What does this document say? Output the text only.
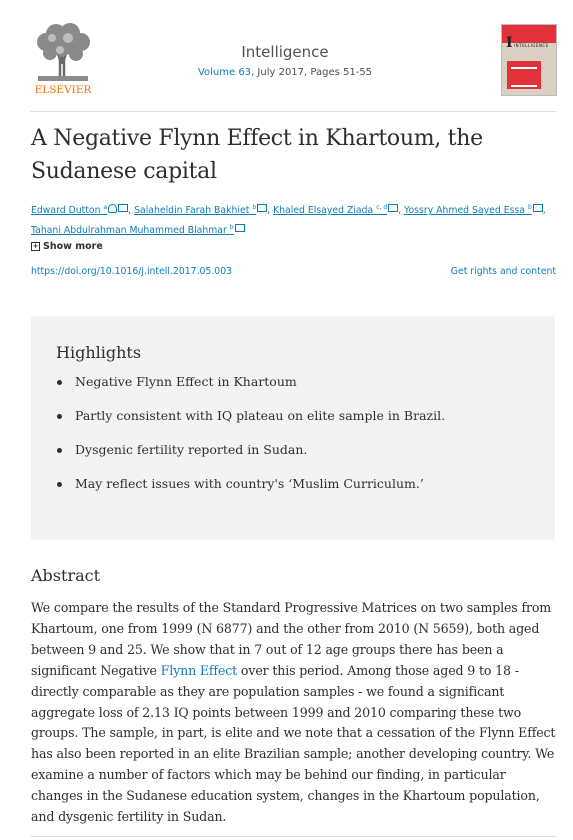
ELSEVIER
Intelligence
Volume 63, July 2017, Pages 51-55
I INTELLIGENCE
A Negative Flynn Effect in Khartoum, the Sudanese capital
Edward Dutton $^a$ , Salaheldin Farah Bakhiet $^b$ , Khaled Elsayed Ziada $^{c, d}$ , Yossry Ahmed Sayed Essa $^b$ ,
Tahani Abdulrahman Muhammed Blahmar $^b$
+ Show more
https://doi.org/10.1016/j.intell.2017.05.003	Get rights and content
Highlights
Negative Flynn Effect in Khartoum
Partly consistent with IQ plateau on elite sample in Brazil.
Dysgenic fertility reported in Sudan.
May reflect issues with country's ‘Muslim Curriculum.’
Abstract

We compare the results of the Standard Progressive Matrices on two samples from Khartoum, one from 1999 (N 6877) and the other from 2010 (N 5659), both aged between 9 and 25. We show that in 7 out of 12 age groups there has been a significant Negative Flynn Effect over this period. Among those aged 9 to 18 - directly comparable as they are population samples - we found a significant aggregate loss of 2.13 IQ points between 1999 and 2010 comparing these two groups. The sample, in part, is elite and we note that a cessation of the Flynn Effect has also been reported in an elite Brazilian sample; another developing country. We examine a number of factors which may be behind our finding, in particular changes in the Sudanese education system, changes in the Khartoum population, and dysgenic fertility in Sudan.
